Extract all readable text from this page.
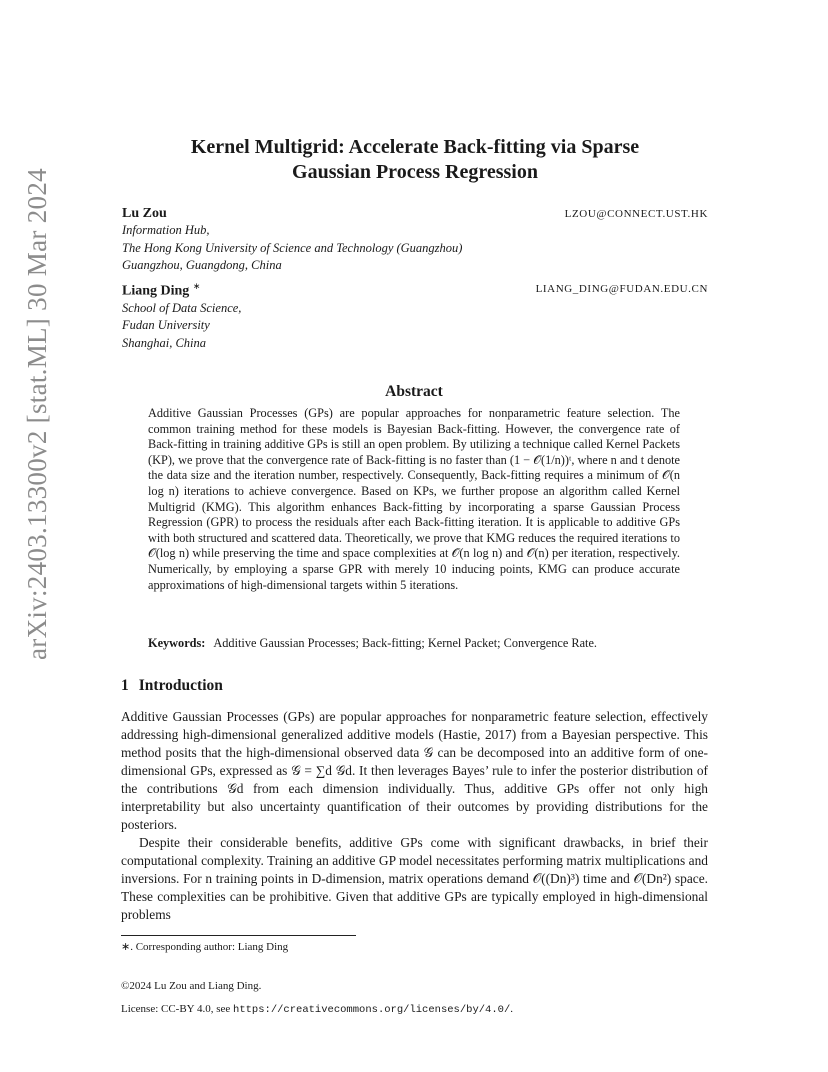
arXiv:2403.13300v2 [stat.ML] 30 Mar 2024
Kernel Multigrid: Accelerate Back-fitting via Sparse
Gaussian Process Regression
Lu Zou	LZOU@CONNECT.UST.HK
Information Hub,
The Hong Kong University of Science and Technology (Guangzhou)
Guangzhou, Guangdong, China
Liang Ding ∗	LIANG_DING@FUDAN.EDU.CN
School of Data Science,
Fudan University
Shanghai, China
Abstract
Additive Gaussian Processes (GPs) are popular approaches for nonparametric feature selection. The common training method for these models is Bayesian Back-fitting. However, the convergence rate of Back-fitting in training additive GPs is still an open problem. By utilizing a technique called Kernel Packets (KP), we prove that the convergence rate of Back-fitting is no faster than (1 − 𝒪(1/n))ᵗ, where n and t denote the data size and the iteration number, respectively. Consequently, Back-fitting requires a minimum of 𝒪(n log n) iterations to achieve convergence. Based on KPs, we further propose an algorithm called Kernel Multigrid (KMG). This algorithm enhances Back-fitting by incorporating a sparse Gaussian Process Regression (GPR) to process the residuals after each Back-fitting iteration. It is applicable to additive GPs with both structured and scattered data. Theoretically, we prove that KMG reduces the required iterations to 𝒪(log n) while preserving the time and space complexities at 𝒪(n log n) and 𝒪(n) per iteration, respectively. Numerically, by employing a sparse GPR with merely 10 inducing points, KMG can produce accurate approximations of high-dimensional targets within 5 iterations.
Keywords: Additive Gaussian Processes; Back-fitting; Kernel Packet; Convergence Rate.
1 Introduction

Additive Gaussian Processes (GPs) are popular approaches for nonparametric feature selection, effectively addressing high-dimensional generalized additive models (Hastie, 2017) from a Bayesian perspective. This method posits that the high-dimensional observed data 𝒢 can be decomposed into an additive form of one-dimensional GPs, expressed as 𝒢 = ∑d 𝒢d. It then leverages Bayes’ rule to infer the posterior distribution of the contributions 𝒢d from each dimension individually. Thus, additive GPs offer not only high interpretability but also uncertainty quantification of their outcomes by providing distributions for the posteriors.

Despite their considerable benefits, additive GPs come with significant drawbacks, in brief their computational complexity. Training an additive GP model necessitates performing matrix multiplications and inversions. For n training points in D-dimension, matrix operations demand 𝒪((Dn)³) time and 𝒪(Dn²) space. These complexities can be prohibitive. Given that additive GPs are typically employed in high-dimensional problems

∗. Corresponding author: Liang Ding
©2024 Lu Zou and Liang Ding.
License: CC-BY 4.0, see https://creativecommons.org/licenses/by/4.0/.
